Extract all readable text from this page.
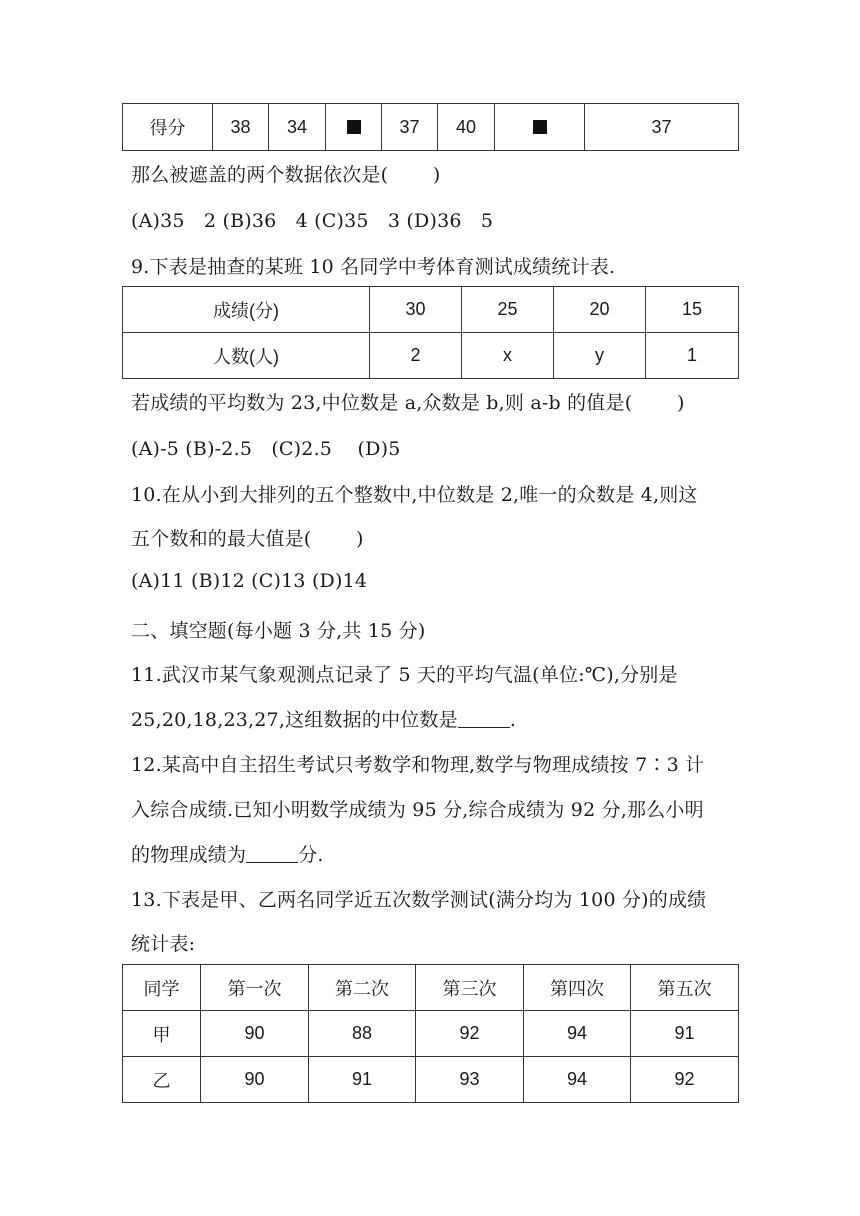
得分	38	34		37	40		37
那么被遮盖的两个数据依次是(　　 )
(A)35　2 (B)36　4 (C)35　3 (D)36　5
9.下表是抽查的某班 10 名同学中考体育测试成绩统计表.
成绩(分)	30	25	20	15
人数(人)	2	x	y	1
若成绩的平均数为 23,中位数是 a,众数是 b,则 a-b 的值是(　　 )
(A)-5 (B)-2.5　(C)2.5　 (D)5
10.在从小到大排列的五个整数中,中位数是 2,唯一的众数是 4,则这
五个数和的最大值是(　　 )
(A)11 (B)12 (C)13 (D)14
二、填空题(每小题 3 分,共 15 分)
11.武汉市某气象观测点记录了 5 天的平均气温(单位:℃),分别是
25,20,18,23,27,这组数据的中位数是	.
12.某高中自主招生考试只考数学和物理,数学与物理成绩按 7∶3 计
入综合成绩.已知小明数学成绩为 95 分,综合成绩为 92 分,那么小明
的物理成绩为	分.
13.下表是甲、乙两名同学近五次数学测试(满分均为 100 分)的成绩
统计表:
同学	第一次	第二次	第三次	第四次	第五次
甲	90	88	92	94	91
乙	90	91	93	94	92
